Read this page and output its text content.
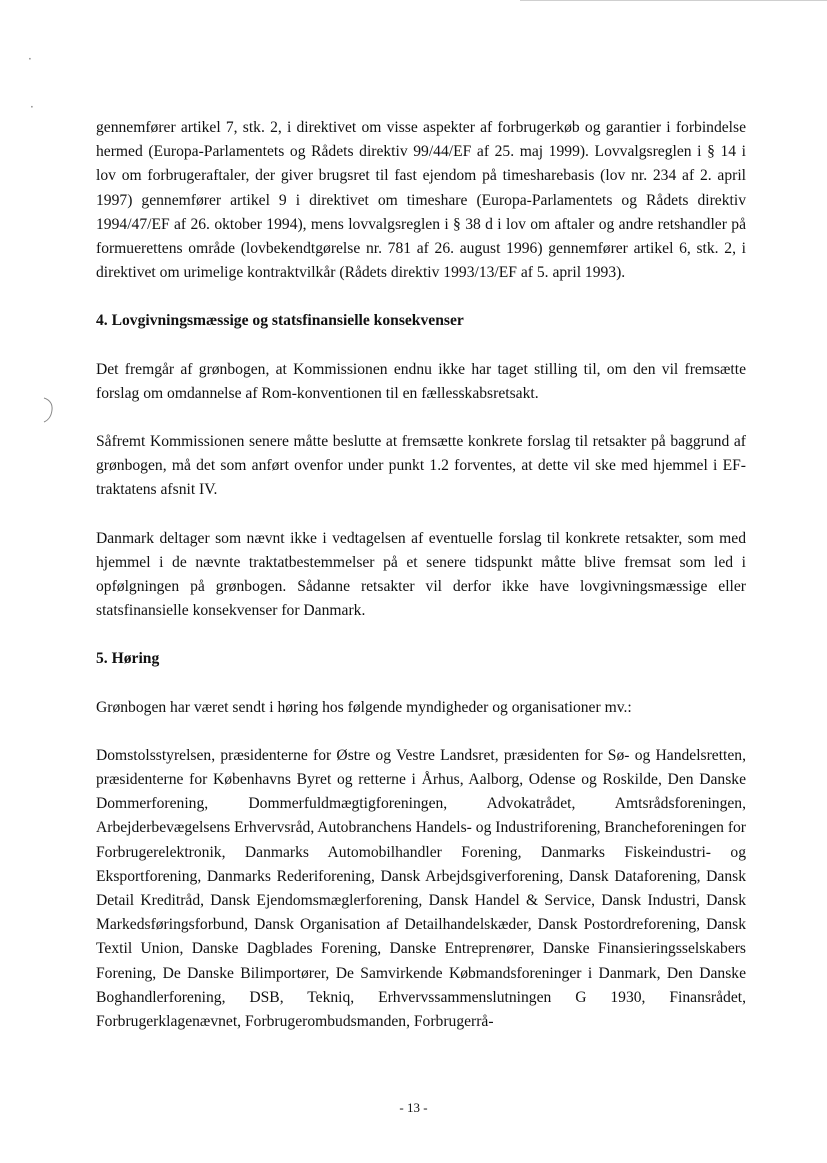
·
·

gennemfører artikel 7, stk. 2, i direktivet om visse aspekter af forbrugerkøb og garantier i forbindelse hermed (Europa-Parlamentets og Rådets direktiv 99/44/EF af 25. maj 1999). Lovvalgsreglen i § 14 i lov om forbrugeraftaler, der giver brugsret til fast ejendom på timesharebasis (lov nr. 234 af 2. april 1997) gennemfører artikel 9 i direktivet om timeshare (Europa-Parlamentets og Rådets direktiv 1994/47/EF af 26. oktober 1994), mens lovvalgsreglen i § 38 d i lov om aftaler og andre retshandler på formuerettens område (lovbekendtgørelse nr. 781 af 26. august 1996) gennemfører artikel 6, stk. 2, i direktivet om urimelige kontraktvilkår (Rådets direktiv 1993/13/EF af 5. april 1993).

4. Lovgivningsmæssige og statsfinansielle konsekvenser

Det fremgår af grønbogen, at Kommissionen endnu ikke har taget stilling til, om den vil fremsætte forslag om omdannelse af Rom-konventionen til en fællesskabsretsakt.

Såfremt Kommissionen senere måtte beslutte at fremsætte konkrete forslag til retsakter på baggrund af grønbogen, må det som anført ovenfor under punkt 1.2 forventes, at dette vil ske med hjemmel i EF-traktatens afsnit IV.

Danmark deltager som nævnt ikke i vedtagelsen af eventuelle forslag til konkrete retsakter, som med hjemmel i de nævnte traktatbestemmelser på et senere tidspunkt måtte blive fremsat som led i opfølgningen på grønbogen. Sådanne retsakter vil derfor ikke have lovgivningsmæssige eller statsfinansielle konsekvenser for Danmark.

5. Høring

Grønbogen har været sendt i høring hos følgende myndigheder og organisationer mv.:

Domstolsstyrelsen, præsidenterne for Østre og Vestre Landsret, præsidenten for Sø- og Handelsretten, præsidenterne for Københavns Byret og retterne i Århus, Aalborg, Odense og Roskilde, Den Danske Dommerforening, Dommerfuldmægtigforeningen, Advokatrådet, Amtsrådsforeningen, Arbejderbevægelsens Erhvervsråd, Autobranchens Handels- og Industriforening, Brancheforeningen for Forbrugerelektronik, Danmarks Automobilhandler Forening, Danmarks Fiskeindustri- og Eksportforening, Danmarks Rederiforening, Dansk Arbejdsgiverforening, Dansk Dataforening, Dansk Detail Kreditråd, Dansk Ejendomsmæglerforening, Dansk Handel & Service, Dansk Industri, Dansk Markedsføringsforbund, Dansk Organisation af Detailhandelskæder, Dansk Postordreforening, Dansk Textil Union, Danske Dagblades Forening, Danske Entreprenører, Danske Finansieringsselskabers Forening, De Danske Bilimportører, De Samvirkende Købmandsforeninger i Danmark, Den Danske Boghandlerforening, DSB, Tekniq, Erhvervssammenslutningen G 1930, Finansrådet, Forbrugerklagenævnet, Forbrugerombudsmanden, Forbrugerrå-

- 13 -
